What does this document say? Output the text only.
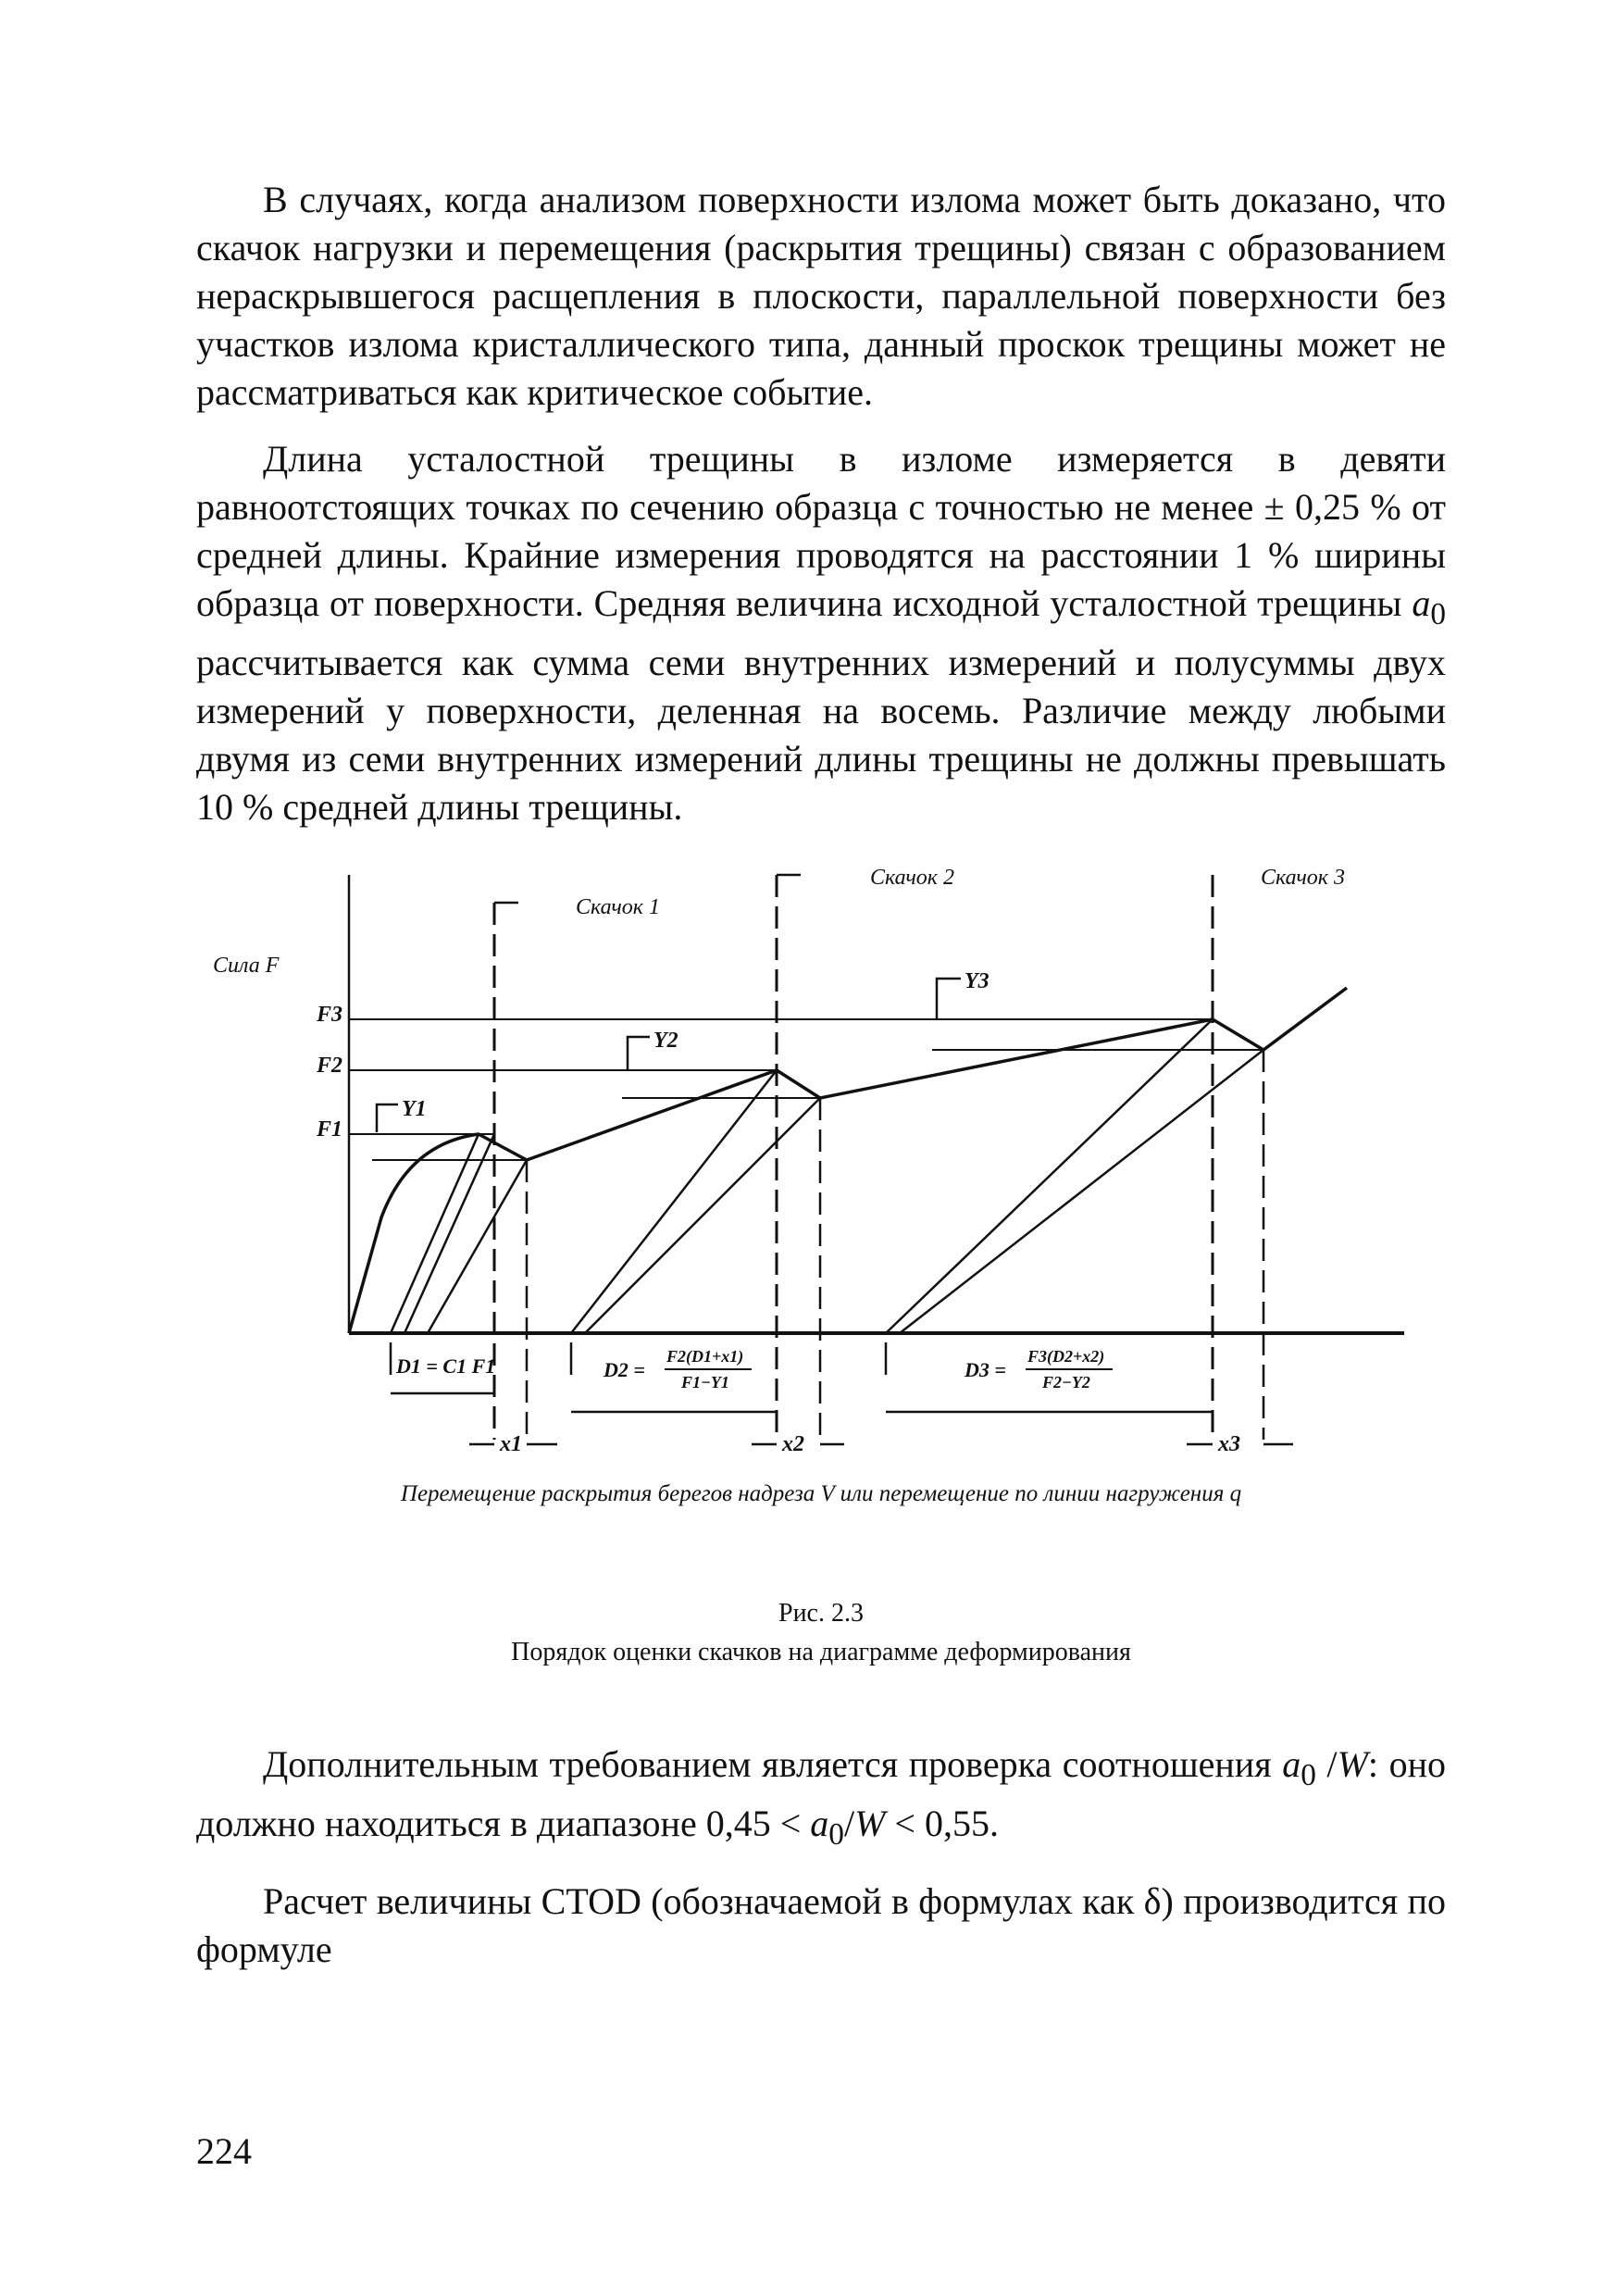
В случаях, когда анализом поверхности излома может быть доказано, что скачок нагрузки и перемещения (раскрытия трещины) связан с образованием нераскрывшегося расщепления в плоскости, параллельной поверхности без участков излома кристаллического типа, данный проскок трещины может не рассматриваться как критическое событие.

Длина усталостной трещины в изломе измеряется в девяти равноотстоящих точках по сечению образца с точностью не менее ± 0,25 % от средней длины. Крайние измерения проводятся на расстоянии 1 % ширины образца от поверхности. Средняя величина исходной усталостной трещины $a_0$ рассчитывается как сумма семи внутренних измерений и полусуммы двух измерений у поверхности, деленная на восемь. Различие между любыми двумя из семи внутренних измерений длины трещины не должны превышать 10 % средней длины трещины.

Сила F
F3
F2
F1
Скачок 1
Скачок 2	Скачок 3
Y1
Y2
Y3
D1 = C1 F1	D2 =
F2(D1+x1)
F1−Y1
D3 =
F3(D2+x2)
F2−Y2
x1	x2	x3
Перемещение раскрытия берегов надреза V или перемещение по линии нагружения q
Рис. 2.3
Порядок оценки скачков на диаграмме деформирования

Дополнительным требованием является проверка соотношения $a_0$ /W: оно должно находиться в диапазоне $0,45 < a_0/W < 0,55$.

Расчет величины CTOD (обозначаемой в формулах как δ) производится по формуле

224
